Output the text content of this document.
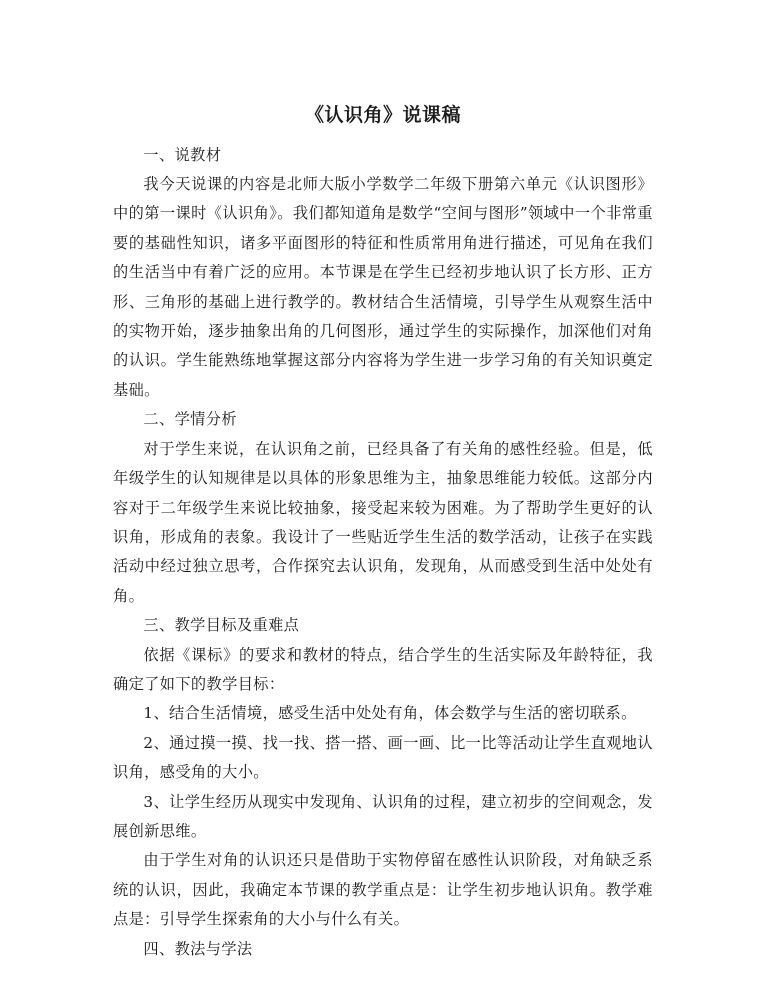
《认识角》说课稿

一、说教材

我今天说课的内容是北师大版小学数学二年级下册第六单元《认识图形》中的第一课时《认识角》。我们都知道角是数学“空间与图形”领域中一个非常重要的基础性知识，诸多平面图形的特征和性质常用角进行描述，可见角在我们的生活当中有着广泛的应用。本节课是在学生已经初步地认识了长方形、正方形、三角形的基础上进行教学的。教材结合生活情境，引导学生从观察生活中的实物开始，逐步抽象出角的几何图形，通过学生的实际操作，加深他们对角的认识。学生能熟练地掌握这部分内容将为学生进一步学习角的有关知识奠定基础。

二、学情分析

对于学生来说，在认识角之前，已经具备了有关角的感性经验。但是，低年级学生的认知规律是以具体的形象思维为主，抽象思维能力较低。这部分内容对于二年级学生来说比较抽象，接受起来较为困难。为了帮助学生更好的认识角，形成角的表象。我设计了一些贴近学生生活的数学活动，让孩子在实践活动中经过独立思考，合作探究去认识角，发现角，从而感受到生活中处处有角。

三、教学目标及重难点

依据《课标》的要求和教材的特点，结合学生的生活实际及年龄特征，我确定了如下的教学目标：

1、结合生活情境，感受生活中处处有角，体会数学与生活的密切联系。

2、通过摸一摸、找一找、搭一搭、画一画、比一比等活动让学生直观地认识角，感受角的大小。

3、让学生经历从现实中发现角、认识角的过程，建立初步的空间观念，发展创新思维。

由于学生对角的认识还只是借助于实物停留在感性认识阶段，对角缺乏系统的认识，因此，我确定本节课的教学重点是：让学生初步地认识角。教学难点是：引导学生探索角的大小与什么有关。

四、教法与学法
